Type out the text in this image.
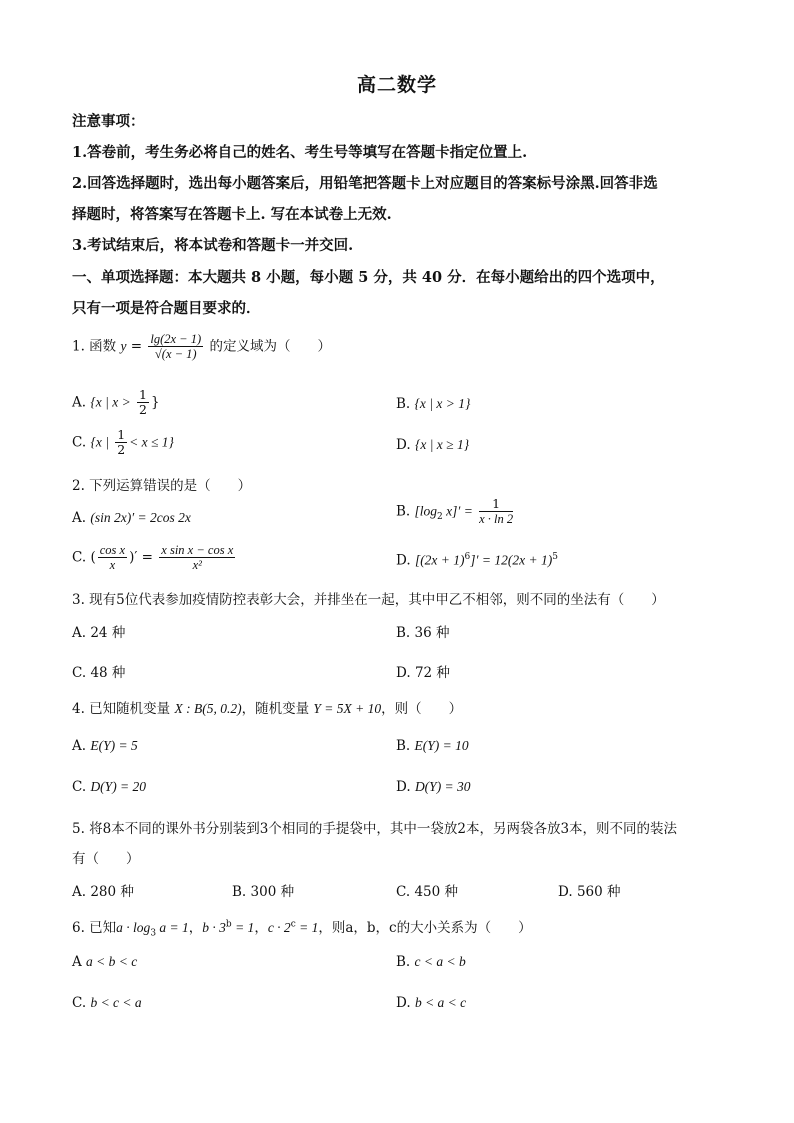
高二数学
注意事项：
1.答卷前，考生务必将自己的姓名、考生号等填写在答题卡指定位置上.
2.回答选择题时，选出每小题答案后，用铅笔把答题卡上对应题目的答案标号涂黑.回答非选
择题时，将答案写在答题卡上. 写在本试卷上无效.
3.考试结束后，将本试卷和答题卡一并交回.
一、单项选择题：本大题共 8 小题，每小题 5 分，共 40 分．在每小题给出的四个选项中，
只有一项是符合题目要求的．
1. 函数 $y = \frac{\lg(2x - 1)}{√(x - 1)}$ 的定义域为（　　）
A. {x | $x > \frac{1}{2}$ }	B. {x | x > 1}
C. {x | $\frac{1}{2} < x \le 1$}	D. {x | x ≥ 1}
2. 下列运算错误的是（　　）
A. (sin 2x)′ = 2cos 2x	B. [$\log_2$ $x]' = \frac{1}{x \cdot \ln 2}$
C. ( $\frac{\text{cos x}}{x}$ )′ = $\frac{\text{x sin x − cos x}}{\text{x²}}$	D. $[(2x + 1)^6]' = 12(2x + 1)^5$
3. 现有5位代表参加疫情防控表彰大会，并排坐在一起，其中甲乙不相邻，则不同的坐法有（　　）
A. 24 种	B. 36 种
C. 48 种	D. 72 种
4. 已知随机变量 X : B(5, 0.2)，随机变量 Y = 5X + 10，则（　　）
A. E(Y) = 5	B. E(Y) = 10
C. D(Y) = 20	D. D(Y) = 30
5. 将8本不同的课外书分别装到3个相同的手提袋中，其中一袋放2本，另两袋各放3本，则不同的装法
有（　　）
A. 280 种	B. 300 种	C. 450 种	D. 560 种
6. 已知$a \cdot \log_3 a = 1$，$b \cdot 3^b = 1$，$c \cdot 2^c = 1$，则a，b，c的大小关系为（　　）
A a < b < c	B. c < a < b
C. b < c < a	D. b < a < c
